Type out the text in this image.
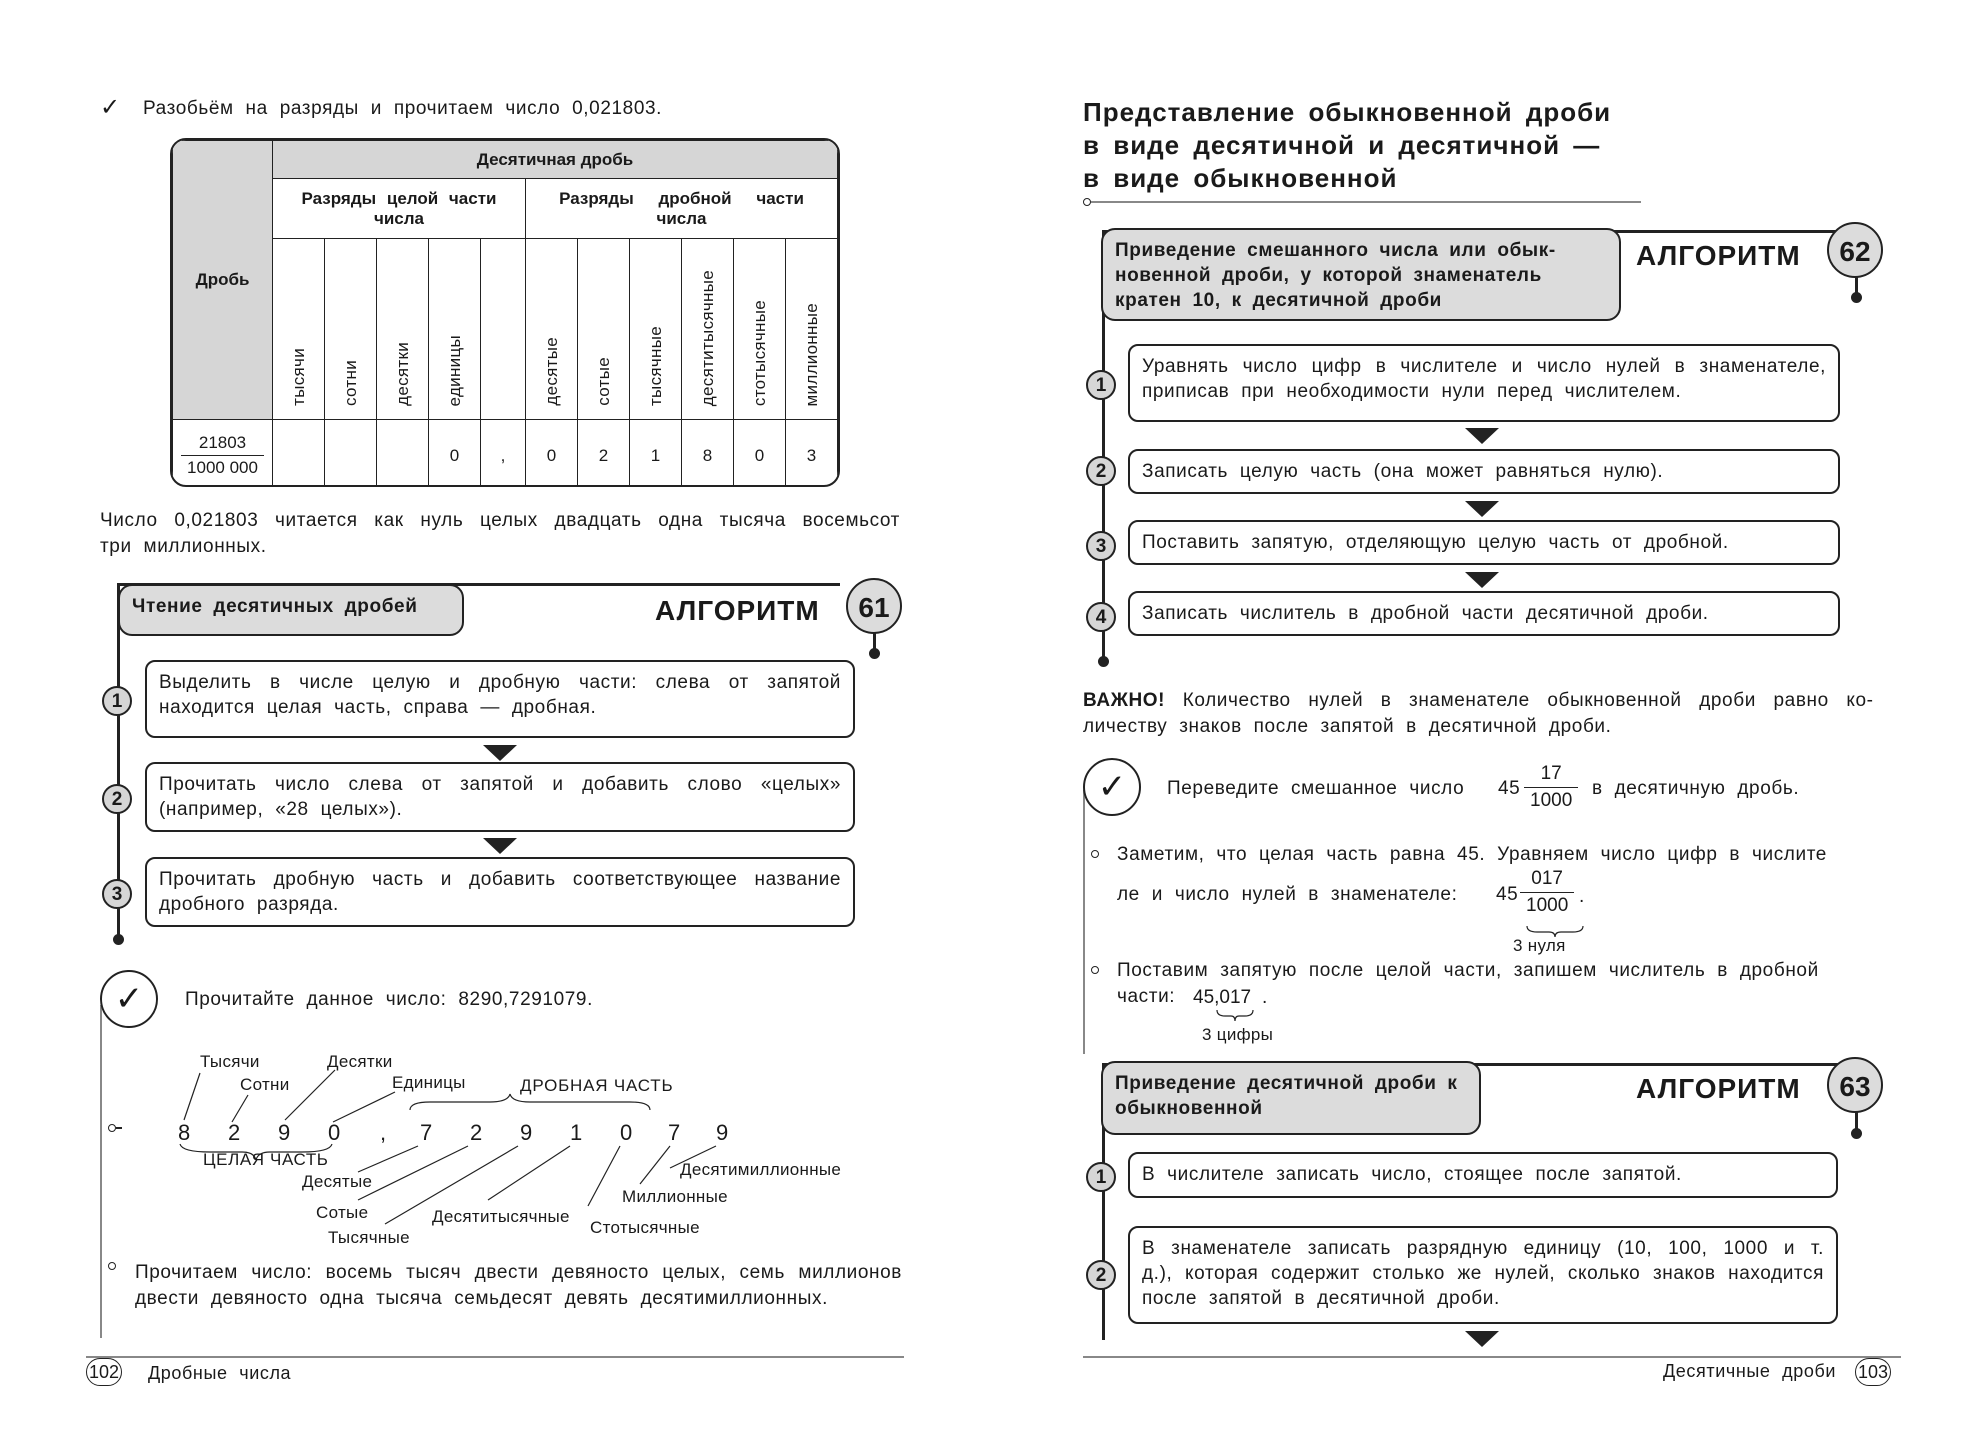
✓ Разобьём на разряды и прочитаем число 0,021803.
Дробь	Десятичная дробь										
	Разряды целой части числа					Разряды дробной части числа					
	тысячи	сотни	десятки	единицы		десятые	сотые	тысячные	десятитысячные	стотысячные	миллионные

$\frac{21803}{1000 000}$				0	,	0	2	1	8	0	3
Число 0,021803 читается как нуль целых двадцать одна тысяча восемьсот три миллионных.
Чтение десятичных дробей	АЛГОРИТМ	61
Выделить в числе целую и дробную части: слева от запятой находится целая часть, справа — дробная.
1
Прочитать число слева от запятой и добавить слово «целых» (например, «28 целых»).
2
Прочитать дробную часть и добавить соответствующее название дробного разряда.
3
✓	Прочитайте данное число: 8290,7291079.
Тысячи
Сотни
Десятки
Единицы	ДРОБНАЯ ЧАСТЬ
8 2 9 0 , 7 2 9 1 0 7 9
ЦЕЛАЯ ЧАСТЬ
Десятые
Сотые
Тысячные
Десятитысячные
Стотысячные
Миллионные
Десятимиллионные
Прочитаем число: восемь тысяч двести девяносто целых, семь миллионов двести девяносто одна тысяча семьдесят девять десятимиллионных.
102 Дробные числа
Представление обыкновенной дроби
в виде десятичной и десятичной —
в виде обыкновенной
Приведение смешанного числа или обыкновенной дроби, у которой знаменатель кратен 10, к десятичной дроби
АЛГОРИТМ	62
Уравнять число цифр в числителе и число нулей в знаменателе, приписав при необходимости нули перед числителем.
1
Записать целую часть (она может равняться нулю).
2
Поставить запятую, отделяющую целую часть от дробной.
3
Записать числитель в дробной части десятичной дроби.
4
ВАЖНО! Количество нулей в знаменателе обыкновенной дроби равно количеству знаков после запятой в десятичной дроби.
✓	Переведите смешанное число $45 \frac{17}{1000}$ в десятичную дробь.
Заметим, что целая часть равна 45. Уравняем число цифр в числите
ле и число нулей в знаменателе: $45 \frac{017}{1000}$ .
3 нуля
Поставим запятую после целой части, запишем числитель в дробной
части: 45,017 .
3 цифры
Приведение десятичной дроби к обыкновенной
АЛГОРИТМ	63
В числителе записать число, стоящее после запятой.
1
В знаменателе записать разрядную единицу (10, 100, 1000 и т. д.), которая содержит столько же нулей, сколько знаков находится после запятой в десятичной дроби.
2
Десятичные дроби 103
